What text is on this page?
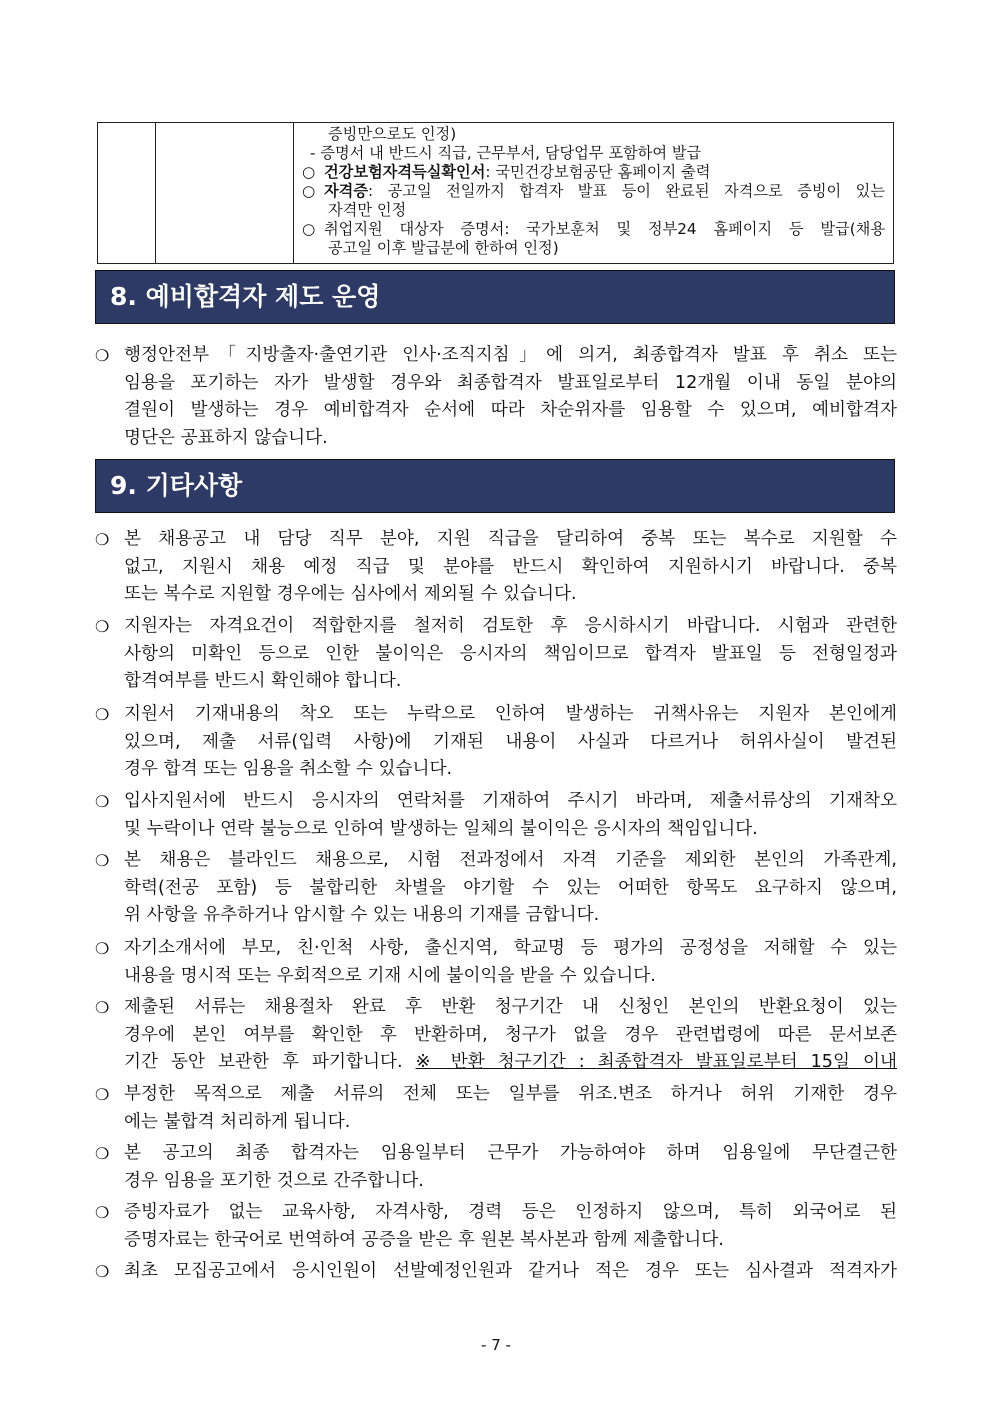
증빙만으로도 인정)
- 증명서 내 반드시 직급, 근무부서, 담당업무 포함하여 발급
○ 건강보험자격득실확인서: 국민건강보험공단 홈페이지 출력
○ 자격증: 공고일 전일까지 합격자 발표 등이 완료된 자격으로 증빙이 있는
자격만 인정
○ 취업지원 대상자 증명서: 국가보훈처 및 정부24 홈페이지 등 발급(채용
공고일 이후 발급분에 한하여 인정)
8. 예비합격자 제도 운영
❍ 행정안전부「지방출자·출연기관 인사·조직지침」에 의거, 최종합격자 발표 후 취소 또는
임용을 포기하는 자가 발생할 경우와 최종합격자 발표일로부터 12개월 이내 동일 분야의
결원이 발생하는 경우 예비합격자 순서에 따라 차순위자를 임용할 수 있으며, 예비합격자
명단은 공표하지 않습니다.
9. 기타사항
❍ 본 채용공고 내 담당 직무 분야, 지원 직급을 달리하여 중복 또는 복수로 지원할 수
없고, 지원시 채용 예정 직급 및 분야를 반드시 확인하여 지원하시기 바랍니다. 중복
또는 복수로 지원할 경우에는 심사에서 제외될 수 있습니다.
❍ 지원자는 자격요건이 적합한지를 철저히 검토한 후 응시하시기 바랍니다. 시험과 관련한
사항의 미확인 등으로 인한 불이익은 응시자의 책임이므로 합격자 발표일 등 전형일정과
합격여부를 반드시 확인해야 합니다.
❍ 지원서 기재내용의 착오 또는 누락으로 인하여 발생하는 귀책사유는 지원자 본인에게
있으며, 제출 서류(입력 사항)에 기재된 내용이 사실과 다르거나 허위사실이 발견된
경우 합격 또는 임용을 취소할 수 있습니다.
❍ 입사지원서에 반드시 응시자의 연락처를 기재하여 주시기 바라며, 제출서류상의 기재착오
및 누락이나 연락 불능으로 인하여 발생하는 일체의 불이익은 응시자의 책임입니다.
❍ 본 채용은 블라인드 채용으로, 시험 전과정에서 자격 기준을 제외한 본인의 가족관계,
학력(전공 포함) 등 불합리한 차별을 야기할 수 있는 어떠한 항목도 요구하지 않으며,
위 사항을 유추하거나 암시할 수 있는 내용의 기재를 금합니다.
❍ 자기소개서에 부모, 친·인척 사항, 출신지역, 학교명 등 평가의 공정성을 저해할 수 있는
내용을 명시적 또는 우회적으로 기재 시에 불이익을 받을 수 있습니다.
❍ 제출된 서류는 채용절차 완료 후 반환 청구기간 내 신청인 본인의 반환요청이 있는
경우에 본인 여부를 확인한 후 반환하며, 청구가 없을 경우 관련법령에 따른 문서보존
기간 동안 보관한 후 파기합니다. ※ 반환 청구기간 : 최종합격자 발표일로부터 15일 이내
❍ 부정한 목적으로 제출 서류의 전체 또는 일부를 위조.변조 하거나 허위 기재한 경우
에는 불합격 처리하게 됩니다.
❍ 본 공고의 최종 합격자는 임용일부터 근무가 가능하여야 하며 임용일에 무단결근한
경우 임용을 포기한 것으로 간주합니다.
❍ 증빙자료가 없는 교육사항, 자격사항, 경력 등은 인정하지 않으며, 특히 외국어로 된
증명자료는 한국어로 번역하여 공증을 받은 후 원본 복사본과 함께 제출합니다.
❍ 최초 모집공고에서 응시인원이 선발예정인원과 같거나 적은 경우 또는 심사결과 적격자가
- 7 -
